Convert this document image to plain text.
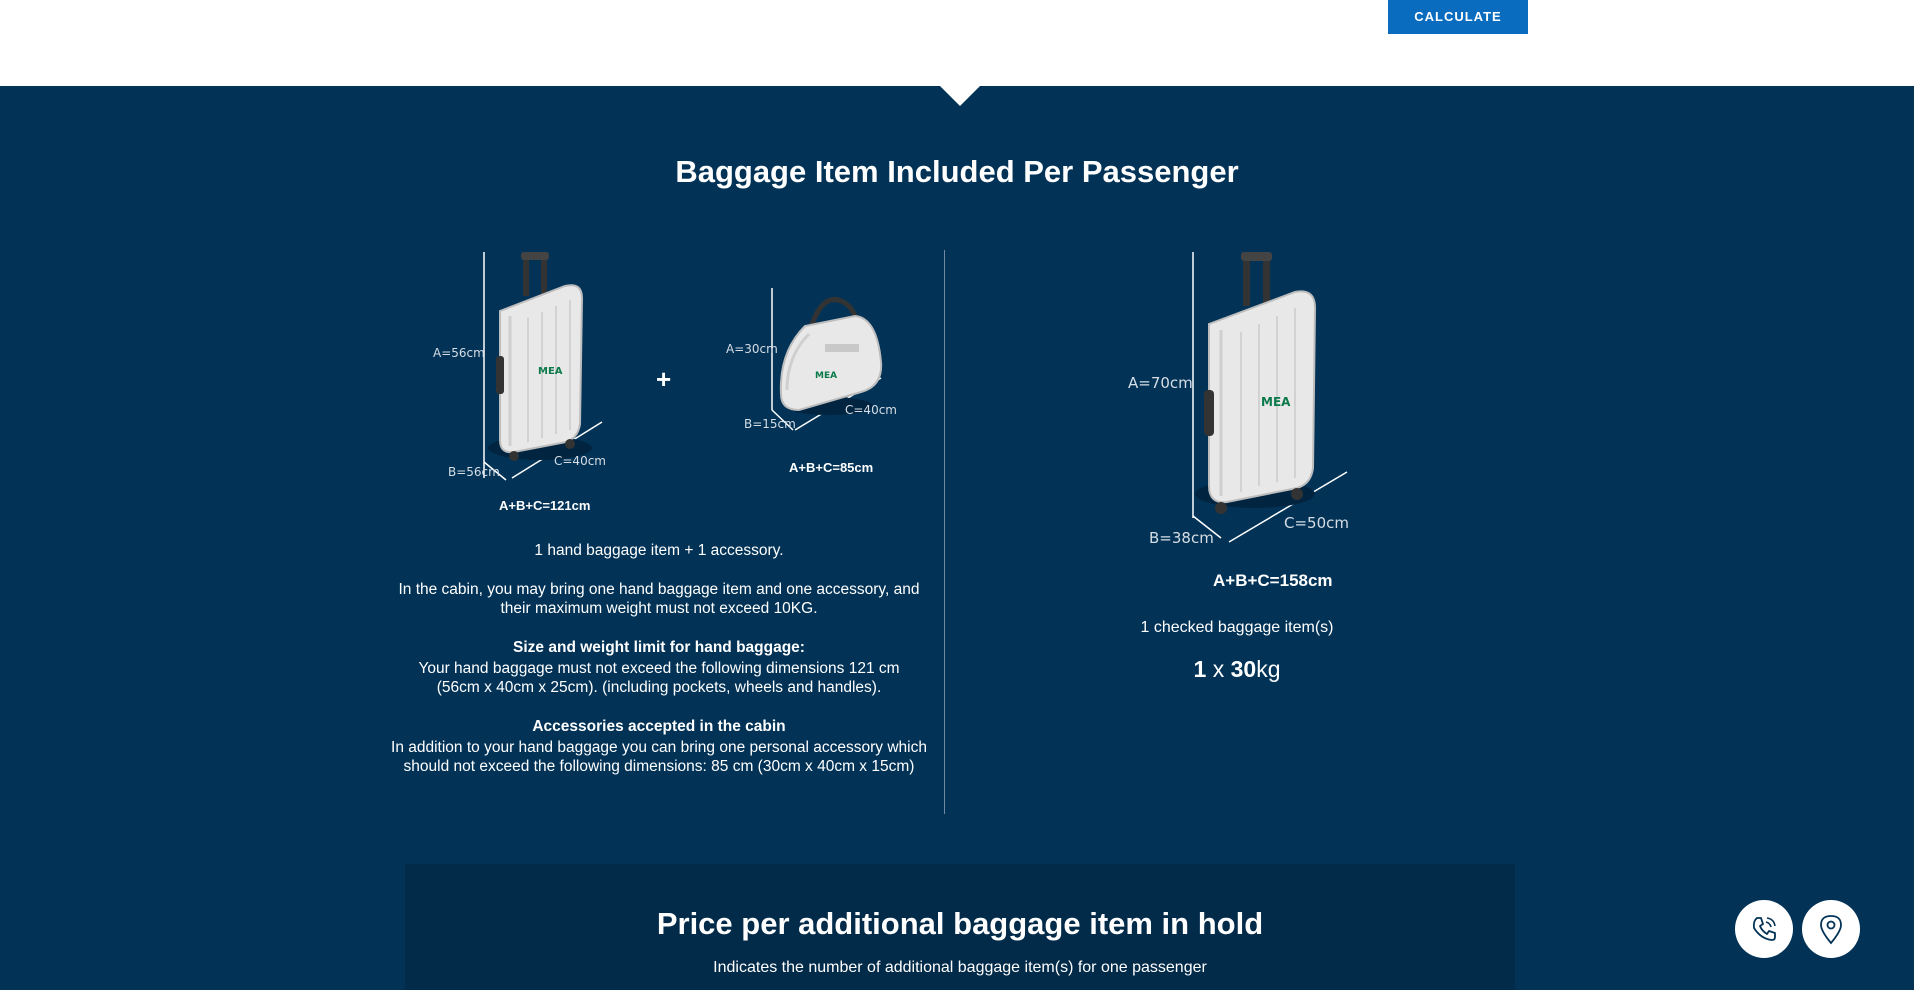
CALCULATE
Baggage Item Included Per Passenger
MEA
A=56cm
B=56cm
C=40cm
A+B+C=121cm
+	MEA
A=30cm
B=15cm
C=40cm
A+B+C=85cm
1 hand baggage item + 1 accessory.
In the cabin, you may bring one hand baggage item and one accessory, and their maximum weight must not exceed 10KG.
Size and weight limit for hand baggage:
Your hand baggage must not exceed the following dimensions 121 cm (56cm x 40cm x 25cm). (including pockets, wheels and handles).
Accessories accepted in the cabin
In addition to your hand baggage you can bring one personal accessory which should not exceed the following dimensions: 85 cm (30cm x 40cm x 15cm)
MEA
A=70cm
B=38cm
C=50cm
A+B+C=158cm
1 checked baggage item(s)
1 x 30kg
Price per additional baggage item in hold
Indicates the number of additional baggage item(s) for one passenger
